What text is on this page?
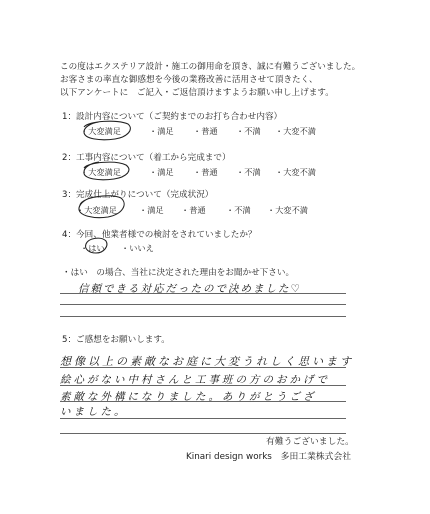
この度はエクステリア設計・施工の御用命を頂き、誠に有難うございました。
お客さまの率直な御感想を今後の業務改善に活用させて頂きたく、
以下アンケートに　ご記入・ご返信頂けますようお願い申し上げます。
1：設計内容について（ご契約までのお打ち合わせ内容）
・大変満足	・満足 ・普通 ・不満 ・大変不満
2：工事内容について（着工から完成まで）
・大変満足	・満足 ・普通 ・不満 ・大変不満
3：完成仕上がりについて（完成状況）
・大変満足	・満足 ・普通 ・不満 ・大変不満
4：今回、他業者様での検討をされていましたか？
・はい ・いいえ
・はい　の場合、当社に決定された理由をお聞かせ下さい。
信頼できる対応だったので決めました♡
5：ご感想をお願いします。
想像以上の素敵なお庭に大変うれしく思います
絵心がない中村さんと工事班の方のおかげで
素敵な外構になりました。ありがとうござ
いました。
有難うございました。
Kinari design works　多田工業株式会社
